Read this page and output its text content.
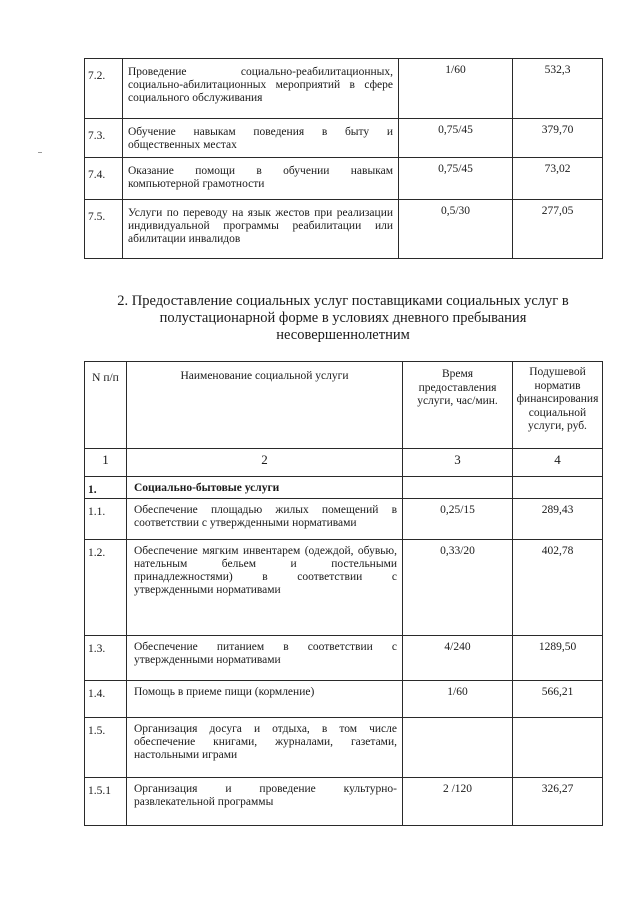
7.2.	Проведение социально-реабилитационных, социально-абилитационных мероприятий в сфере социального обслуживания	1/60	532,3
7.3.	Обучение навыкам поведения в быту и общественных местах	0,75/45	379,70
7.4.	Оказание помощи в обучении навыкам компьютерной грамотности	0,75/45	73,02
7.5.	Услуги по переводу на язык жестов при реализации индивидуальной программы реабилитации или абилитации инвалидов	0,5/30	277,05
2. Предоставление социальных услуг поставщиками социальных услуг в
полустационарной форме в условиях дневного пребывания
несовершеннолетним
N п/п	Наименование социальной услуги	Время предоставления услуги, час/мин.	Подушевой норматив финансирования социальной услуги, руб.
1	2	3	4
1.	Социально-бытовые услуги		
1.1.	Обеспечение площадью жилых помещений в соответствии с утвержденными нормативами	0,25/15	289,43
1.2.	Обеспечение мягким инвентарем (одеждой, обувью, нательным бельем и постельными принадлежностями) в соответствии с утвержденными нормативами	0,33/20	402,78
1.3.	Обеспечение питанием в соответствии с утвержденными нормативами	4/240	1289,50
1.4.	Помощь в приеме пищи (кормление)	1/60	566,21
1.5.	Организация досуга и отдыха, в том числе обеспечение книгами, журналами, газетами, настольными играми		
1.5.1	Организация и проведение культурно-развлекательной программы	2 /120	326,27
